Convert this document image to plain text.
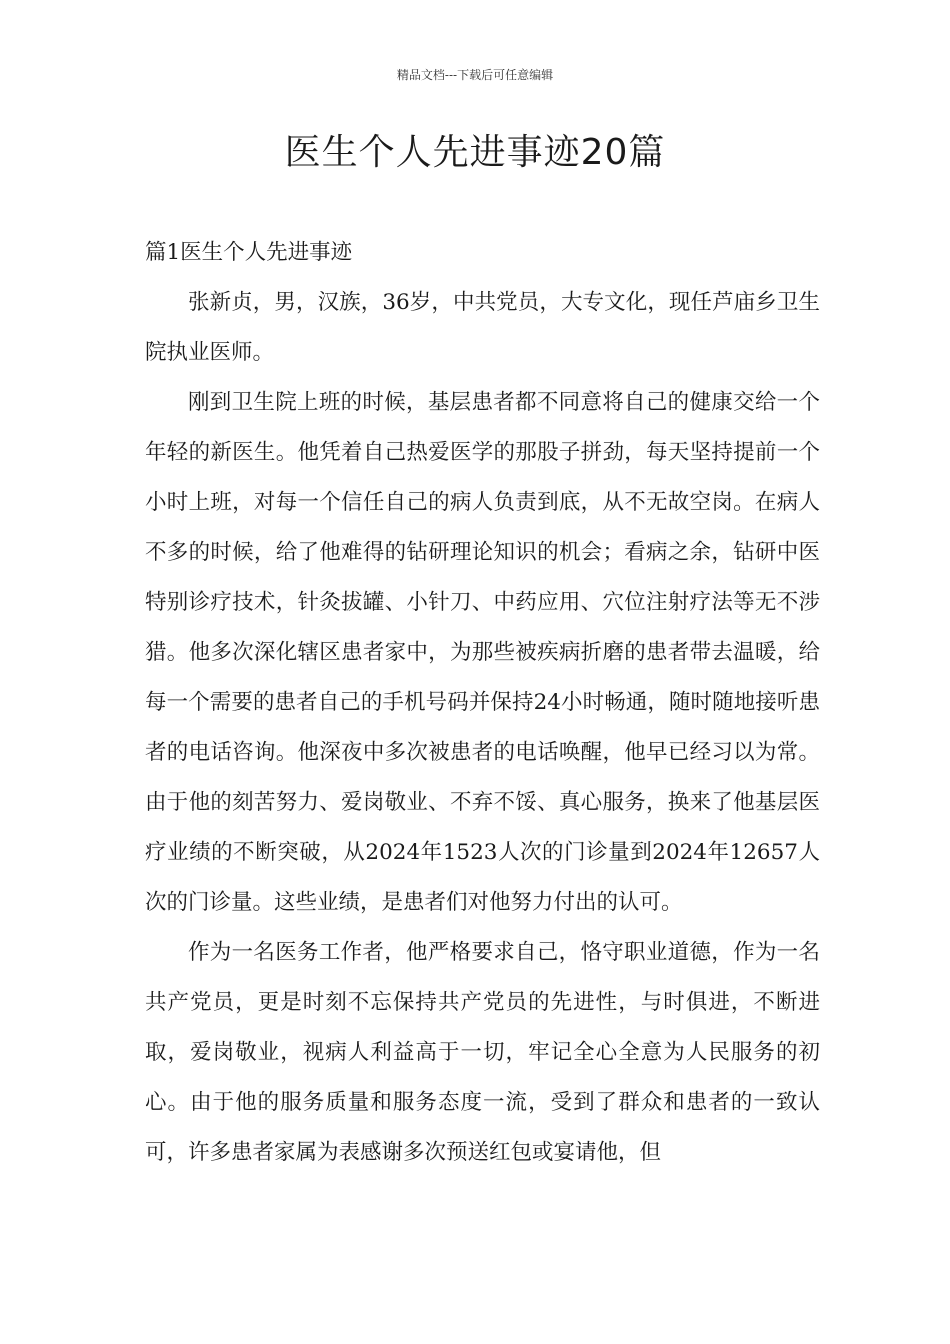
精品文档---下载后可任意编辑
医生个人先进事迹20篇

篇1医生个人先进事迹

张新贞，男，汉族，36岁，中共党员，大专文化，现任芦庙乡卫生院执业医师。

刚到卫生院上班的时候，基层患者都不同意将自己的健康交给一个年轻的新医生。他凭着自己热爱医学的那股子拼劲，每天坚持提前一个小时上班，对每一个信任自己的病人负责到底，从不无故空岗。在病人不多的时候，给了他难得的钻研理论知识的机会；看病之余，钻研中医特别诊疗技术，针灸拔罐、小针刀、中药应用、穴位注射疗法等无不涉猎。他多次深化辖区患者家中，为那些被疾病折磨的患者带去温暖，给每一个需要的患者自己的手机号码并保持24小时畅通，随时随地接听患者的电话咨询。他深夜中多次被患者的电话唤醒，他早已经习以为常。由于他的刻苦努力、爱岗敬业、不弃不馁、真心服务，换来了他基层医疗业绩的不断突破，从2024年1523人次的门诊量到2024年12657人次的门诊量。这些业绩，是患者们对他努力付出的认可。

作为一名医务工作者，他严格要求自己，恪守职业道德，作为一名共产党员，更是时刻不忘保持共产党员的先进性，与时俱进，不断进取，爱岗敬业，视病人利益高于一切，牢记全心全意为人民服务的初心。由于他的服务质量和服务态度一流，受到了群众和患者的一致认可，许多患者家属为表感谢多次预送红包或宴请他，但
